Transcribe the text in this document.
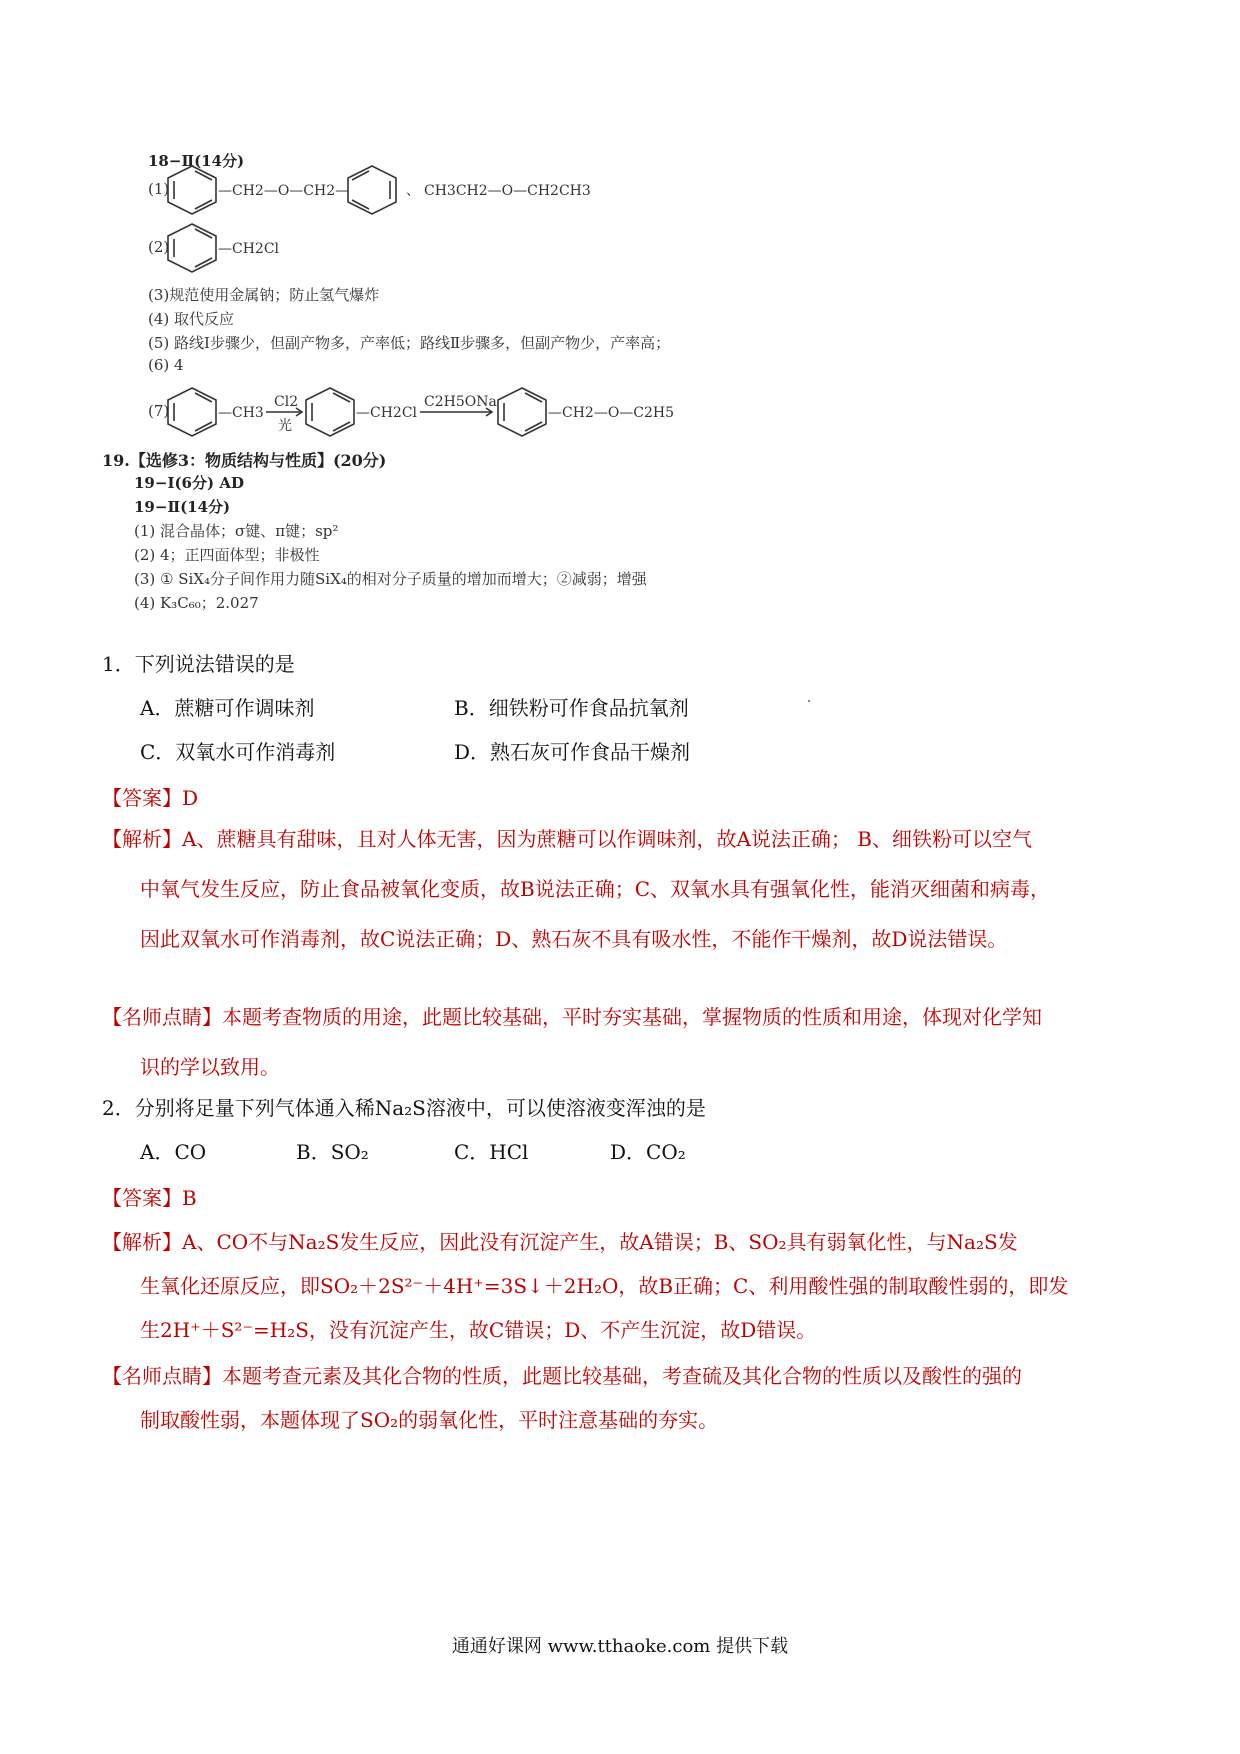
18−Ⅱ(14分)
(1)	—CH2—O—CH2—	、 CH3CH2—O—CH2CH3
(2)	—CH2Cl
(3)规范使用金属钠；防止氢气爆炸
(4) 取代反应
(5) 路线Ⅰ步骤少，但副产物多，产率低；路线Ⅱ步骤多，但副产物少，产率高；
(6) 4
(7)	—CH3
Cl2
光
—CH2Cl
C2H5ONa
—CH2—O—C2H5
19.【选修3：物质结构与性质】(20分)
19−Ⅰ(6分) AD
19−Ⅱ(14分)
(1) 混合晶体；σ键、π键；sp²
(2) 4；正四面体型；非极性
(3) ① SiX₄分子间作用力随SiX₄的相对分子质量的增加而增大；②减弱；增强
(4) K₃C₆₀；2.027
1．下列说法错误的是
A．蔗糖可作调味剂	B．细铁粉可作食品抗氧剂
C．双氧水可作消毒剂	D．熟石灰可作食品干燥剂
【答案】D
【解析】A、蔗糖具有甜味，且对人体无害，因为蔗糖可以作调味剂，故A说法正确； B、细铁粉可以空气中氧气发生反应，防止食品被氧化变质，故B说法正确；C、双氧水具有强氧化性，能消灭细菌和病毒，因此双氧水可作消毒剂，故C说法正确；D、熟石灰不具有吸水性，不能作干燥剂，故D说法错误。
【名师点睛】本题考查物质的用途，此题比较基础，平时夯实基础，掌握物质的性质和用途，体现对化学知识的学以致用。
2．分别将足量下列气体通入稀Na₂S溶液中，可以使溶液变浑浊的是
A．CO	B．SO₂	C．HCl	D．CO₂
【答案】B
【解析】A、CO不与Na₂S发生反应，因此没有沉淀产生，故A错误；B、SO₂具有弱氧化性，与Na₂S发
生氧化还原反应，即SO₂＋2S²⁻＋4H⁺=3S↓＋2H₂O，故B正确；C、利用酸性强的制取酸性弱的，即发
生2H⁺＋S²⁻=H₂S，没有沉淀产生，故C错误；D、不产生沉淀，故D错误。
【名师点睛】本题考查元素及其化合物的性质，此题比较基础，考查硫及其化合物的性质以及酸性的强的
制取酸性弱，本题体现了SO₂的弱氧化性，平时注意基础的夯实。
通通好课网 www.tthaoke.com 提供下载
